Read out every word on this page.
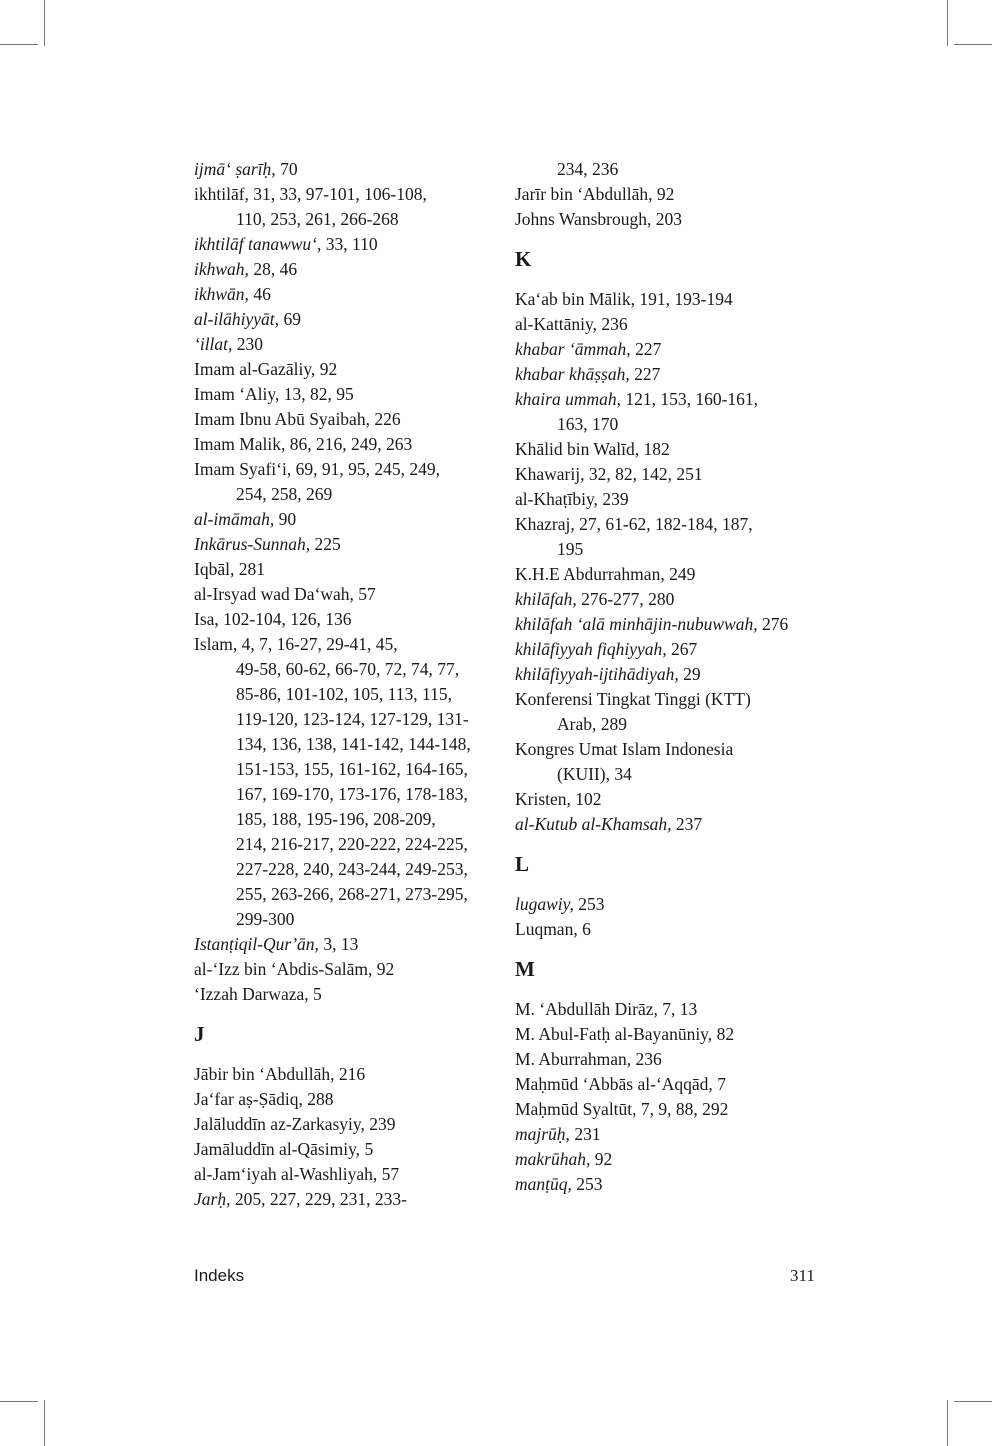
ijmāʻ ṣarīḥ, 70
ikhtilāf, 31, 33, 97-101, 106-108,
110, 253, 261, 266-268
ikhtilāf tanawwuʻ, 33, 110
ikhwah, 28, 46
ikhwān, 46
al-ilāhiyyāt, 69
ʻillat, 230
Imam al-Gazāliy, 92
Imam ʻAliy, 13, 82, 95
Imam Ibnu Abū Syaibah, 226
Imam Malik, 86, 216, 249, 263
Imam Syafiʻi, 69, 91, 95, 245, 249,
254, 258, 269
al-imāmah, 90
Inkārus-Sunnah, 225
Iqbāl, 281
al-Irsyad wad Daʻwah, 57
Isa, 102-104, 126, 136
Islam, 4, 7, 16-27, 29-41, 45,
49-58, 60-62, 66-70, 72, 74, 77,
85-86, 101-102, 105, 113, 115,
119-120, 123-124, 127-129, 131-
134, 136, 138, 141-142, 144-148,
151-153, 155, 161-162, 164-165,
167, 169-170, 173-176, 178-183,
185, 188, 195-196, 208-209,
214, 216-217, 220-222, 224-225,
227-228, 240, 243-244, 249-253,
255, 263-266, 268-271, 273-295,
299-300
Istanṭiqil-Qurʼān, 3, 13
al-ʻIzz bin ʻAbdis-Salām, 92
ʻIzzah Darwaza, 5
J
Jābir bin ʻAbdullāh, 216
Jaʻfar aṣ-Ṣādiq, 288
Jalāluddīn az-Zarkasyiy, 239
Jamāluddīn al-Qāsimiy, 5
al-Jamʻiyah al-Washliyah, 57
Jarḥ, 205, 227, 229, 231, 233-
234, 236
Jarīr bin ʻAbdullāh, 92
Johns Wansbrough, 203
K
Kaʻab bin Mālik, 191, 193-194
al-Kattāniy, 236
khabar ʻāmmah, 227
khabar khāṣṣah, 227
khaira ummah, 121, 153, 160-161,
163, 170
Khālid bin Walīd, 182
Khawarij, 32, 82, 142, 251
al-Khaṭībiy, 239
Khazraj, 27, 61-62, 182-184, 187,
195
K.H.E Abdurrahman, 249
khilāfah, 276-277, 280
khilāfah ʻalā minhājin-nubuwwah, 276
khilāfiyyah fiqhiyyah, 267
khilāfiyyah-ijtihādiyah, 29
Konferensi Tingkat Tinggi (KTT)
Arab, 289
Kongres Umat Islam Indonesia
(KUII), 34
Kristen, 102
al-Kutub al-Khamsah, 237
L
lugawiy, 253
Luqman, 6
M
M. ʻAbdullāh Dirāz, 7, 13
M. Abul-Fatḥ al-Bayanūniy, 82
M. Aburrahman, 236
Maḥmūd ʻAbbās al-ʻAqqād, 7
Maḥmūd Syaltūt, 7, 9, 88, 292
majrūḥ, 231
makrūhah, 92
manṭūq, 253
Indeks	311
